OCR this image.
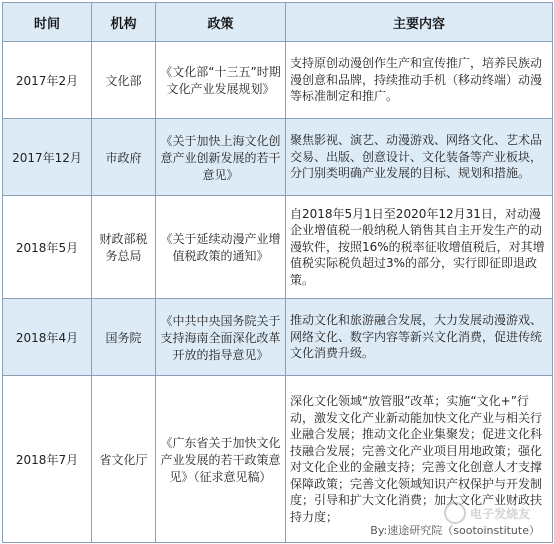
时间	机构	政策	主要内容
2017年2月	文化部	《文化部“十三五”时期文化产业发展规划》	支持原创动漫创作生产和宣传推广，培养民族动漫创意和品牌，持续推动手机（移动终端）动漫等标准制定和推广。
2017年12月	市政府	《关于加快上海文化创意产业创新发展的若干意见》	聚焦影视、演艺、动漫游戏、网络文化、艺术品交易、出版、创意设计、文化装备等产业板块，分门别类明确产业发展的目标、规划和措施。
2018年5月	财政部税务总局	《关于延续动漫产业增值税政策的通知》	自2018年5月1日至2020年12月31日，对动漫企业增值税一般纳税人销售其自主开发生产的动漫软件，按照16%的税率征收增值税后，对其增值税实际税负超过3%的部分，实行即征即退政策。
2018年4月	国务院	《中共中央国务院关于支持海南全面深化改革开放的指导意见》	推动文化和旅游融合发展，大力发展动漫游戏、网络文化、数字内容等新兴文化消费，促进传统文化消费升级。
2018年7月	省文化厅	《广东省关于加快文化产业发展的若干政策意见》（征求意见稿）	深化文化领域“放管服”改革；实施“文化+”行动，激发文化产业新动能加快文化产业与相关行业融合发展；推动文化企业集聚发；促进文化科技融合发展；完善文化产业项目用地政策；强化对文化企业的金融支持；完善文化创意人才支撑保障政策；完善文化领域知识产权保护与开发制度；引导和扩大文化消费；加大文化产业财政扶持力度；	电子发烧友
By:速途研究院（sootoinstitute）
